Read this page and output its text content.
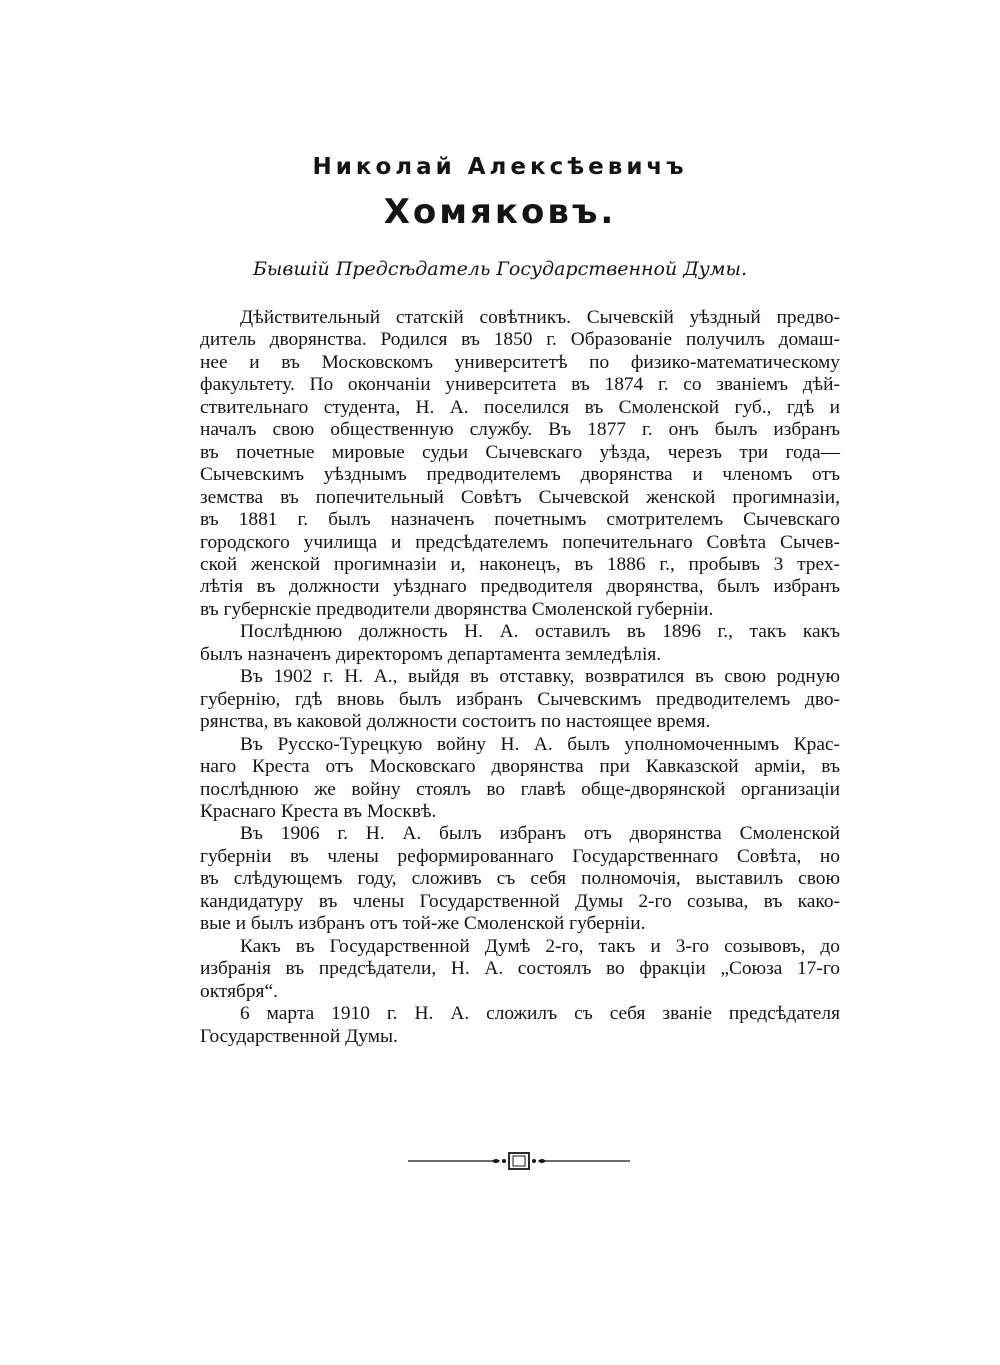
Николай Алексѣевичъ
Хомяковъ.

Бывшій Предсѣдатель Государственной Думы.

Дѣйствительный статскій совѣтникъ. Сычевскій уѣздный предво-
дитель дворянства. Родился въ 1850 г. Образованіе получилъ домаш-
нее и въ Московскомъ университетѣ по физико-математическому
факультету. По окончаніи университета въ 1874 г. со званіемъ дѣй-
ствительнаго студента, Н. А. поселился въ Смоленской губ., гдѣ и
началъ свою общественную службу. Въ 1877 г. онъ былъ избранъ
въ почетные мировые судьи Сычевскаго уѣзда, черезъ три года—
Сычевскимъ уѣзднымъ предводителемъ дворянства и членомъ отъ
земства въ попечительный Совѣтъ Сычевской женской прогимназіи,
въ 1881 г. былъ назначенъ почетнымъ смотрителемъ Сычевскаго
городского училища и предсѣдателемъ попечительнаго Совѣта Сычев-
ской женской прогимназіи и, наконецъ, въ 1886 г., пробывъ 3 трех-
лѣтія въ должности уѣзднаго предводителя дворянства, былъ избранъ
въ губернскіе предводители дворянства Смоленской губерніи.

Послѣднюю должность Н. А. оставилъ въ 1896 г., такъ какъ
былъ назначенъ директоромъ департамента земледѣлія.

Въ 1902 г. Н. А., выйдя въ отставку, возвратился въ свою родную
губернію, гдѣ вновь былъ избранъ Сычевскимъ предводителемъ дво-
рянства, въ каковой должности состоитъ по настоящее время.

Въ Русско-Турецкую войну Н. А. былъ уполномоченнымъ Крас-
наго Креста отъ Московскаго дворянства при Кавказской арміи, въ
послѣднюю же войну стоялъ во главѣ обще-дворянской организаціи
Краснаго Креста въ Москвѣ.

Въ 1906 г. Н. А. былъ избранъ отъ дворянства Смоленской
губерніи въ члены реформированнаго Государственнаго Совѣта, но
въ слѣдующемъ году, сложивъ съ себя полномочія, выставилъ свою
кандидатуру въ члены Государственной Думы 2-го созыва, въ како-
вые и былъ избранъ отъ той-же Смоленской губерніи.

Какъ въ Государственной Думѣ 2-го, такъ и 3-го созывовъ, до
избранія въ предсѣдатели, Н. А. состоялъ во фракціи „Союза 17-го
октября“.

6 марта 1910 г. Н. А. сложилъ съ себя званіе предсѣдателя
Государственной Думы.
